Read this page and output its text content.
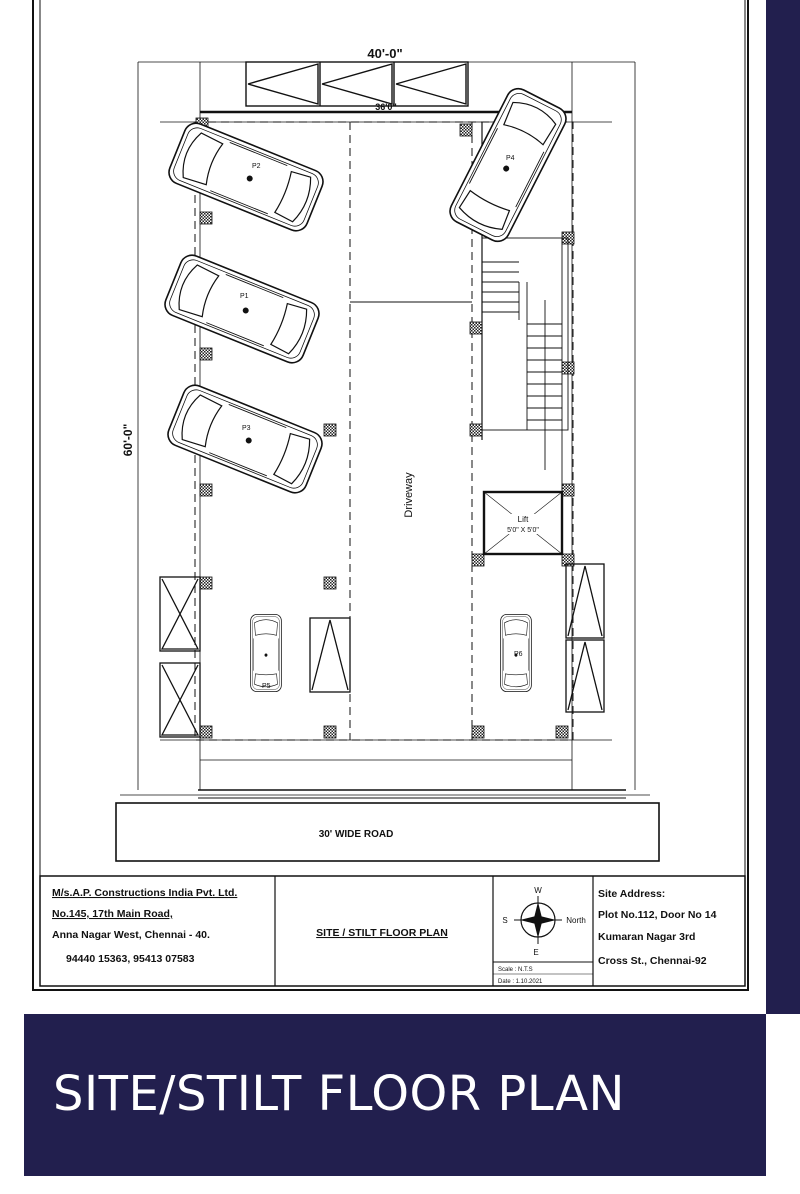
SITE/STILT FLOOR PLAN
Lift
5'0" X 5'0"
P2
P1
P3
P4
P5
P6
40'-0"
36'0"
60'-0"
Driveway
30' WIDE ROAD
M/s.A.P. Constructions India Pvt. Ltd.
No.145, 17th Main Road,
Anna Nagar West, Chennai - 40.
94440 15363, 95413 07583
SITE / STILT FLOOR PLAN
W
S	North
E
Scale : N.T.S
Date : 1.10.2021
Site Address:
Plot No.112, Door No 14
Kumaran Nagar 3rd
Cross St., Chennai-92
